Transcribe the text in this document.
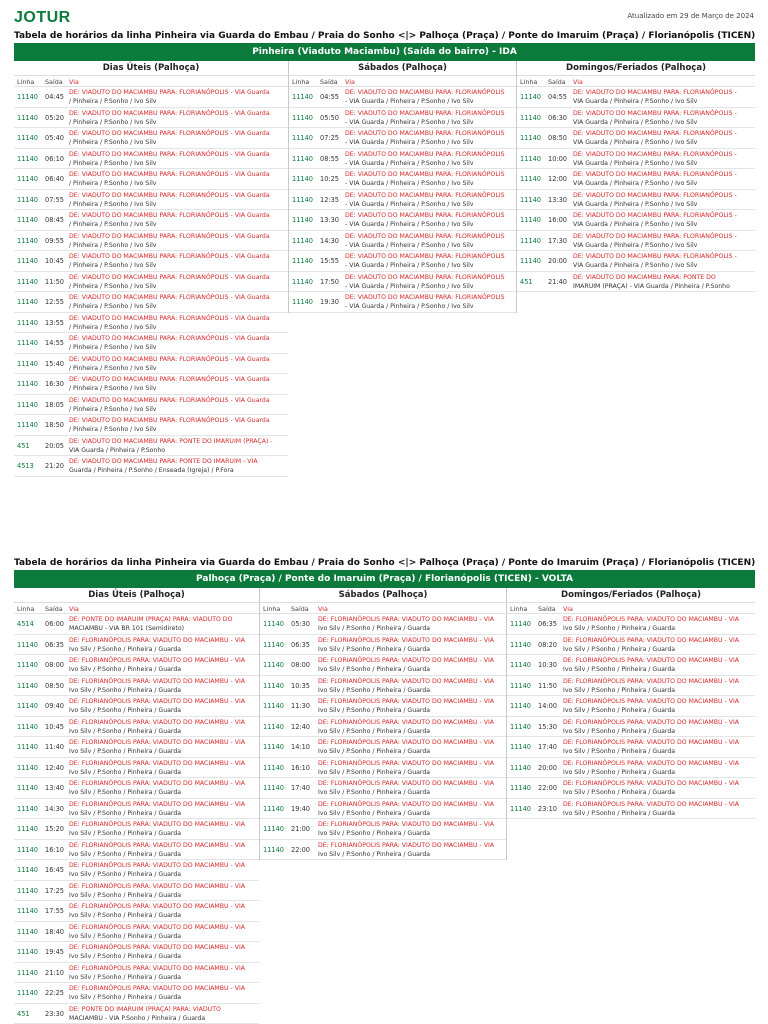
JOTUR	Atualizado em 29 de Março de 2024
Tabela de horários da linha Pinheira via Guarda do Embau / Praia do Sonho <|> Palhoça (Praça) / Ponte do Imaruim (Praça) / Florianópolis (TICEN)
Pinheira (Viaduto Maciambu) (Saída do bairro) - IDA
Dias Úteis (Palhoça)
Linha Saída Via
11140 04:45
DE: VIADUTO DO MACIAMBU PARA: FLORIANÓPOLIS - VIA Guarda / Pinheira / P.Sonho / Ivo Silv
11140 05:20
DE: VIADUTO DO MACIAMBU PARA: FLORIANÓPOLIS - VIA Guarda / Pinheira / P.Sonho / Ivo Silv
11140 05:40
DE: VIADUTO DO MACIAMBU PARA: FLORIANÓPOLIS - VIA Guarda / Pinheira / P.Sonho / Ivo Silv
11140 06:10
DE: VIADUTO DO MACIAMBU PARA: FLORIANÓPOLIS - VIA Guarda / Pinheira / P.Sonho / Ivo Silv
11140 06:40
DE: VIADUTO DO MACIAMBU PARA: FLORIANÓPOLIS - VIA Guarda / Pinheira / P.Sonho / Ivo Silv
11140 07:55
DE: VIADUTO DO MACIAMBU PARA: FLORIANÓPOLIS - VIA Guarda / Pinheira / P.Sonho / Ivo Silv
11140 08:45
DE: VIADUTO DO MACIAMBU PARA: FLORIANÓPOLIS - VIA Guarda / Pinheira / P.Sonho / Ivo Silv
11140 09:55
DE: VIADUTO DO MACIAMBU PARA: FLORIANÓPOLIS - VIA Guarda / Pinheira / P.Sonho / Ivo Silv
11140 10:45
DE: VIADUTO DO MACIAMBU PARA: FLORIANÓPOLIS - VIA Guarda / Pinheira / P.Sonho / Ivo Silv
11140 11:50
DE: VIADUTO DO MACIAMBU PARA: FLORIANÓPOLIS - VIA Guarda / Pinheira / P.Sonho / Ivo Silv
11140 12:55
DE: VIADUTO DO MACIAMBU PARA: FLORIANÓPOLIS - VIA Guarda / Pinheira / P.Sonho / Ivo Silv
11140 13:55
DE: VIADUTO DO MACIAMBU PARA: FLORIANÓPOLIS - VIA Guarda / Pinheira / P.Sonho / Ivo Silv
11140 14:55
DE: VIADUTO DO MACIAMBU PARA: FLORIANÓPOLIS - VIA Guarda / Pinheira / P.Sonho / Ivo Silv
11140 15:40
DE: VIADUTO DO MACIAMBU PARA: FLORIANÓPOLIS - VIA Guarda / Pinheira / P.Sonho / Ivo Silv
11140 16:30
DE: VIADUTO DO MACIAMBU PARA: FLORIANÓPOLIS - VIA Guarda / Pinheira / P.Sonho / Ivo Silv
11140 18:05
DE: VIADUTO DO MACIAMBU PARA: FLORIANÓPOLIS - VIA Guarda / Pinheira / P.Sonho / Ivo Silv
11140 18:50
DE: VIADUTO DO MACIAMBU PARA: FLORIANÓPOLIS - VIA Guarda / Pinheira / P.Sonho / Ivo Silv
451 20:05
DE: VIADUTO DO MACIAMBU PARA: PONTE DO IMARUIM (PRAÇA) - VIA Guarda / Pinheira / P.Sonho
4513 21:20
DE: VIADUTO DO MACIAMBU PARA: PONTE DO IMARUIM - VIA Guarda / Pinheira / P.Sonho / Enseada (Igreja) / P.Fora
Sábados (Palhoça)
Linha Saída Via
11140 04:55
DE: VIADUTO DO MACIAMBU PARA: FLORIANÓPOLIS - VIA Guarda / Pinheira / P.Sonho / Ivo Silv
11140 05:50
DE: VIADUTO DO MACIAMBU PARA: FLORIANÓPOLIS - VIA Guarda / Pinheira / P.Sonho / Ivo Silv
11140 07:25
DE: VIADUTO DO MACIAMBU PARA: FLORIANÓPOLIS - VIA Guarda / Pinheira / P.Sonho / Ivo Silv
11140 08:55
DE: VIADUTO DO MACIAMBU PARA: FLORIANÓPOLIS - VIA Guarda / Pinheira / P.Sonho / Ivo Silv
11140 10:25
DE: VIADUTO DO MACIAMBU PARA: FLORIANÓPOLIS - VIA Guarda / Pinheira / P.Sonho / Ivo Silv
11140 12:35
DE: VIADUTO DO MACIAMBU PARA: FLORIANÓPOLIS - VIA Guarda / Pinheira / P.Sonho / Ivo Silv
11140 13:30
DE: VIADUTO DO MACIAMBU PARA: FLORIANÓPOLIS - VIA Guarda / Pinheira / P.Sonho / Ivo Silv
11140 14:30
DE: VIADUTO DO MACIAMBU PARA: FLORIANÓPOLIS - VIA Guarda / Pinheira / P.Sonho / Ivo Silv
11140 15:55
DE: VIADUTO DO MACIAMBU PARA: FLORIANÓPOLIS - VIA Guarda / Pinheira / P.Sonho / Ivo Silv
11140 17:50
DE: VIADUTO DO MACIAMBU PARA: FLORIANÓPOLIS - VIA Guarda / Pinheira / P.Sonho / Ivo Silv
11140 19:30
DE: VIADUTO DO MACIAMBU PARA: FLORIANÓPOLIS - VIA Guarda / Pinheira / P.Sonho / Ivo Silv
Domingos/Feriados (Palhoça)
Linha Saída Via
11140 04:55
DE: VIADUTO DO MACIAMBU PARA: FLORIANÓPOLIS - VIA Guarda / Pinheira / P.Sonho / Ivo Silv
11140 06:30
DE: VIADUTO DO MACIAMBU PARA: FLORIANÓPOLIS - VIA Guarda / Pinheira / P.Sonho / Ivo Silv
11140 08:50
DE: VIADUTO DO MACIAMBU PARA: FLORIANÓPOLIS - VIA Guarda / Pinheira / P.Sonho / Ivo Silv
11140 10:00
DE: VIADUTO DO MACIAMBU PARA: FLORIANÓPOLIS - VIA Guarda / Pinheira / P.Sonho / Ivo Silv
11140 12:00
DE: VIADUTO DO MACIAMBU PARA: FLORIANÓPOLIS - VIA Guarda / Pinheira / P.Sonho / Ivo Silv
11140 13:30
DE: VIADUTO DO MACIAMBU PARA: FLORIANÓPOLIS - VIA Guarda / Pinheira / P.Sonho / Ivo Silv
11140 16:00
DE: VIADUTO DO MACIAMBU PARA: FLORIANÓPOLIS - VIA Guarda / Pinheira / P.Sonho / Ivo Silv
11140 17:30
DE: VIADUTO DO MACIAMBU PARA: FLORIANÓPOLIS - VIA Guarda / Pinheira / P.Sonho / Ivo Silv
11140 20:00
DE: VIADUTO DO MACIAMBU PARA: FLORIANÓPOLIS - VIA Guarda / Pinheira / P.Sonho / Ivo Silv
451 21:40
DE: VIADUTO DO MACIAMBU PARA: PONTE DO IMARUIM (PRAÇA) - VIA Guarda / Pinheira / P.Sonho
Tabela de horários da linha Pinheira via Guarda do Embau / Praia do Sonho <|> Palhoça (Praça) / Ponte do Imaruim (Praça) / Florianópolis (TICEN)
Palhoça (Praça) / Ponte do Imaruim (Praça) / Florianópolis (TICEN) - VOLTA
Dias Úteis (Palhoça)
Linha Saída Via
4514 06:00
DE: PONTE DO IMARUIM (PRAÇA) PARA: VIADUTO DO MACIAMBU - VIA BR 101 (Semidireto)
11140 06:35
DE: FLORIANÓPOLIS PARA: VIADUTO DO MACIAMBU - VIA Ivo Silv / P.Sonho / Pinheira / Guarda
11140 08:00
DE: FLORIANÓPOLIS PARA: VIADUTO DO MACIAMBU - VIA Ivo Silv / P.Sonho / Pinheira / Guarda
11140 08:50
DE: FLORIANÓPOLIS PARA: VIADUTO DO MACIAMBU - VIA Ivo Silv / P.Sonho / Pinheira / Guarda
11140 09:40
DE: FLORIANÓPOLIS PARA: VIADUTO DO MACIAMBU - VIA Ivo Silv / P.Sonho / Pinheira / Guarda
11140 10:45
DE: FLORIANÓPOLIS PARA: VIADUTO DO MACIAMBU - VIA Ivo Silv / P.Sonho / Pinheira / Guarda
11140 11:40
DE: FLORIANÓPOLIS PARA: VIADUTO DO MACIAMBU - VIA Ivo Silv / P.Sonho / Pinheira / Guarda
11140 12:40
DE: FLORIANÓPOLIS PARA: VIADUTO DO MACIAMBU - VIA Ivo Silv / P.Sonho / Pinheira / Guarda
11140 13:40
DE: FLORIANÓPOLIS PARA: VIADUTO DO MACIAMBU - VIA Ivo Silv / P.Sonho / Pinheira / Guarda
11140 14:30
DE: FLORIANÓPOLIS PARA: VIADUTO DO MACIAMBU - VIA Ivo Silv / P.Sonho / Pinheira / Guarda
11140 15:20
DE: FLORIANÓPOLIS PARA: VIADUTO DO MACIAMBU - VIA Ivo Silv / P.Sonho / Pinheira / Guarda
11140 16:10
DE: FLORIANÓPOLIS PARA: VIADUTO DO MACIAMBU - VIA Ivo Silv / P.Sonho / Pinheira / Guarda
11140 16:45
DE: FLORIANÓPOLIS PARA: VIADUTO DO MACIAMBU - VIA Ivo Silv / P.Sonho / Pinheira / Guarda
11140 17:25
DE: FLORIANÓPOLIS PARA: VIADUTO DO MACIAMBU - VIA Ivo Silv / P.Sonho / Pinheira / Guarda
11140 17:55
DE: FLORIANÓPOLIS PARA: VIADUTO DO MACIAMBU - VIA Ivo Silv / P.Sonho / Pinheira / Guarda
11140 18:40
DE: FLORIANÓPOLIS PARA: VIADUTO DO MACIAMBU - VIA Ivo Silv / P.Sonho / Pinheira / Guarda
11140 19:45
DE: FLORIANÓPOLIS PARA: VIADUTO DO MACIAMBU - VIA Ivo Silv / P.Sonho / Pinheira / Guarda
11140 21:10
DE: FLORIANÓPOLIS PARA: VIADUTO DO MACIAMBU - VIA Ivo Silv / P.Sonho / Pinheira / Guarda
11140 22:25
DE: FLORIANÓPOLIS PARA: VIADUTO DO MACIAMBU - VIA Ivo Silv / P.Sonho / Pinheira / Guarda
451 23:30
DE: PONTE DO IMARUIM (PRAÇA) PARA: VIADUTO MACIAMBU - VIA P.Sonho / Pinheira / Guarda
Sábados (Palhoça)
Linha Saída Via
11140 05:30
DE: FLORIANÓPOLIS PARA: VIADUTO DO MACIAMBU - VIA Ivo Silv / P.Sonho / Pinheira / Guarda
11140 06:35
DE: FLORIANÓPOLIS PARA: VIADUTO DO MACIAMBU - VIA Ivo Silv / P.Sonho / Pinheira / Guarda
11140 08:00
DE: FLORIANÓPOLIS PARA: VIADUTO DO MACIAMBU - VIA Ivo Silv / P.Sonho / Pinheira / Guarda
11140 10:35
DE: FLORIANÓPOLIS PARA: VIADUTO DO MACIAMBU - VIA Ivo Silv / P.Sonho / Pinheira / Guarda
11140 11:30
DE: FLORIANÓPOLIS PARA: VIADUTO DO MACIAMBU - VIA Ivo Silv / P.Sonho / Pinheira / Guarda
11140 12:40
DE: FLORIANÓPOLIS PARA: VIADUTO DO MACIAMBU - VIA Ivo Silv / P.Sonho / Pinheira / Guarda
11140 14:10
DE: FLORIANÓPOLIS PARA: VIADUTO DO MACIAMBU - VIA Ivo Silv / P.Sonho / Pinheira / Guarda
11140 16:10
DE: FLORIANÓPOLIS PARA: VIADUTO DO MACIAMBU - VIA Ivo Silv / P.Sonho / Pinheira / Guarda
11140 17:40
DE: FLORIANÓPOLIS PARA: VIADUTO DO MACIAMBU - VIA Ivo Silv / P.Sonho / Pinheira / Guarda
11140 19:40
DE: FLORIANÓPOLIS PARA: VIADUTO DO MACIAMBU - VIA Ivo Silv / P.Sonho / Pinheira / Guarda
11140 21:00
DE: FLORIANÓPOLIS PARA: VIADUTO DO MACIAMBU - VIA Ivo Silv / P.Sonho / Pinheira / Guarda
11140 22:00
DE: FLORIANÓPOLIS PARA: VIADUTO DO MACIAMBU - VIA Ivo Silv / P.Sonho / Pinheira / Guarda
Domingos/Feriados (Palhoça)
Linha Saída Via
11140 06:35
DE: FLORIANÓPOLIS PARA: VIADUTO DO MACIAMBU - VIA Ivo Silv / P.Sonho / Pinheira / Guarda
11140 08:20
DE: FLORIANÓPOLIS PARA: VIADUTO DO MACIAMBU - VIA Ivo Silv / P.Sonho / Pinheira / Guarda
11140 10:30
DE: FLORIANÓPOLIS PARA: VIADUTO DO MACIAMBU - VIA Ivo Silv / P.Sonho / Pinheira / Guarda
11140 11:50
DE: FLORIANÓPOLIS PARA: VIADUTO DO MACIAMBU - VIA Ivo Silv / P.Sonho / Pinheira / Guarda
11140 14:00
DE: FLORIANÓPOLIS PARA: VIADUTO DO MACIAMBU - VIA Ivo Silv / P.Sonho / Pinheira / Guarda
11140 15:30
DE: FLORIANÓPOLIS PARA: VIADUTO DO MACIAMBU - VIA Ivo Silv / P.Sonho / Pinheira / Guarda
11140 17:40
DE: FLORIANÓPOLIS PARA: VIADUTO DO MACIAMBU - VIA Ivo Silv / P.Sonho / Pinheira / Guarda
11140 20:00
DE: FLORIANÓPOLIS PARA: VIADUTO DO MACIAMBU - VIA Ivo Silv / P.Sonho / Pinheira / Guarda
11140 22:00
DE: FLORIANÓPOLIS PARA: VIADUTO DO MACIAMBU - VIA Ivo Silv / P.Sonho / Pinheira / Guarda
11140 23:10
DE: FLORIANÓPOLIS PARA: VIADUTO DO MACIAMBU - VIA Ivo Silv / P.Sonho / Pinheira / Guarda
